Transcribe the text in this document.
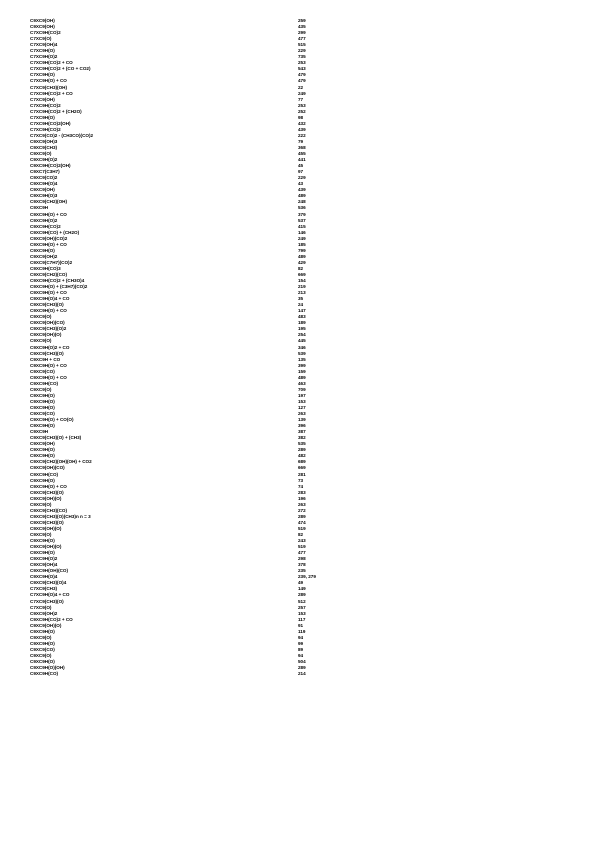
C9XC9(OH)	259
C9XC9(OH)	435
C7XC9H(CO)2	299
C7XC9(O)	477
C7XC9(OH)4	515
C7XC9H(O)	229
C7XC9H(O)2	735
C7XC9H(CO)2 + CO	253
C7XC9H(CO)2 + (CO + CO2)	543
C7XC9H(O)	479
C7XC9H(O) + CO	479
C7XC9(CH3)(OH)	22
C7XC9H(CO)2 + CO	249
C7XC9(OH)	77
C7XC9H(CO)2	253
C7XC9H(CO)2 + (CH2O)	252
C7XC9H(O)	98
C7XC9H(CO)2(OH)	432
C7XC9H(CO)2	439
C7XC9(CO)2 - (CH3CO)(CO)2	222
C9XC9(OH)3	79
C9XC9(CH3)	368
C9XC9(O)	455
C9XC9H(O)2	441
C9XC9H(CO)2(OH)	45
C9XC7(C3H7)	97
C9XC9(CO)2	229
C9XC9H(O)4	43
C9XC9(OH)	439
C9XC9H(O)3	489
C9XC9(CH2)(OH)	248
C9XC9H	536
C9XC9H(O) + CO	379
C9XC9H(O)2	537
C9XC9H(CO)2	415
C9XC9H(CO) + (CH2O)	146
C9XC9(OH)(CO)2	249
C9XC9H(O) + CO	185
C9XC9H(O)	799
C9XC9(OH)2	489
C9XC9(C7H7)(CO)2	429
C9XC9H(CO)3	82
C9XC9(CH2)(CO)	669
C9XC9H(CO)2 + (CH3O)4	154
C9XC9H(O) + (C3H7)(CO)2	219
C9XC9H(O) + CO	213
C9XC9H(O)4 + CO	35
C9XC9(CH3)(O)	24
C9XC9H(O) + CO	147
C9XC9(O)	483
C9XC9(OH)(CO)	189
C9XC9(CH3)(O)2	195
C9XC9(OH)(O)	254
C9XC9(O)	445
C9XC9H(O)2 + CO	346
C9XC9(CH3)(O)	539
C9XC9H + CO	135
C9XC9H(O) + CO	399
C9XC9(CO)	159
C9XC9H(O) + CO	489
C9XC9H(CO)	463
C9XC9(O)	709
C9XC9H(O)	197
C9XC9H(O)	153
C9XC9H(O)	127
C9XC9(CO)	263
C9XC9H(O) + CO(O)	139
C9XC9H(O)	396
C9XC9H	387
C9XC9(CH3)(O) + (CH3)	382
C9XC9(OH)	535
C9XC9H(O)	289
C9XC9H(O)	482
C9XC9(CH2)(OH)(OH) + CO2	689
C9XC9(OH)(CO)	669
C9XC9H(CO)	281
C9XC9H(O)	73
C9XC9H(O) + CO	74
C9XC9(CH3)(O)	283
C9XC9(OH)(O)	196
C9XC9(O)	263
C9XC9(CH3)(CO)	272
C9XC9(CH3)(O)(CH3)n n = 3	289
C9XC9(CH3)(O)	474
C9XC9(OH)(O)	519
C9XC9(O)	82
C9XC9H(O)	243
C9XC9(OH)(O)	519
C9XC9H(O)	477
C9XC9H(O)2	298
C9XC9(OH)4	378
C9XC9H(OH)(CO)	235
C9XC9H(O)4	239, 279
C9XC9(CH3)(O)4	49
C7XC9(CH3)	149
C7XC9H(O)4 + CO	289
C7XC9(CH3)(O)	512
C7XC9(O)	257
C9XC9(OH)2	153
C9XC9H(CO)2 + CO	117
C9XC9(OH)(O)	91
C9XC9H(O)	119
C9XC9(O)	94
C9XC9H(O)	99
C9XC9(CO)	89
C9XC9(O)	94
C9XC9H(O)	504
C9XC9H(O)(OH)	289
C9XC9H(CO)	214
